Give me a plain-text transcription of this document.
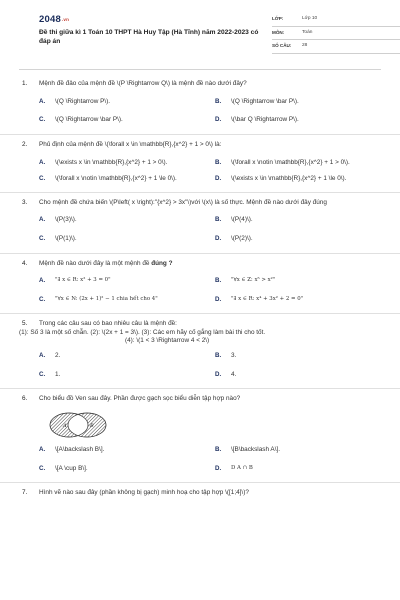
2048.vn
Đề thi giữa kì 1 Toán 10 THPT Hà Huy Tập (Hà Tĩnh) năm 2022-2023 có đáp án
LỚP:	Lớp 10
MÔN:	Toán
SỐ CÂU:	28
1. Mệnh đề đảo của mệnh đề \(P \Rightarrow Q\) là mệnh đề nào dưới đây?
A.	\(Q \Rightarrow P\).	B.	\(Q \Rightarrow \bar P\).
C.	\(Q \Rightarrow \bar P\).	D.	\(\bar Q \Rightarrow P\).
2. Phủ định của mệnh đề \(\forall x \in \mathbb{R},{x^2} + 1 > 0\) là:
A.	\(\exists x \in \mathbb{R},{x^2} + 1 > 0\).	B.	\(\forall x \notin \mathbb{R},{x^2} + 1 > 0\).
C.	\(\forall x \notin \mathbb{R},{x^2} + 1 \le 0\).	D.	\(\exists x \in \mathbb{R},{x^2} + 1 \le 0\).
3. Cho mệnh đề chứa biến \(P\left( x \right):"{x^2} > 3x"\)với \(x\) là số thực. Mệnh đề nào dưới đây đúng
A.	\(P(3)\).	B.	\(P(4)\).
C.	\(P(1)\).	D.	\(P(2)\).
4. Mệnh đề nào dưới đây là một mệnh đề đúng ?
A.	"∃ x ∈ R: x² + 3 = 0"	B.	"∀x ∈ Z: x⁵ > x²"
C.	"∀x ∈ N: (2x + 1)² − 1 chia hết cho 4"	D.	"∃ x ∈ R: x⁴ + 3x² + 2 = 0"
5. Trong các câu sau có bao nhiêu câu là mệnh đề:
(1): Số 3 là một số chẵn. (2): \(2x + 1 = 3\). (3): Các em hãy cố gắng làm bài thi cho tốt.
(4): \(1 < 3 \Rightarrow 4 < 2\)
A.	2.	B.	3.
C.	1.	D.	4.
6. Cho biểu đồ Ven sau đây. Phần được gạch sọc biểu diễn tập hợp nào?
A	B
A.	\[A\backslash B\].	B.	\[B\backslash A\].
C.	\[A \cup B\].	D.	D A ∩ B
7. Hình vẽ nào sau đây (phần không bị gạch) minh hoạ cho tập hợp \([1;4]\)?
